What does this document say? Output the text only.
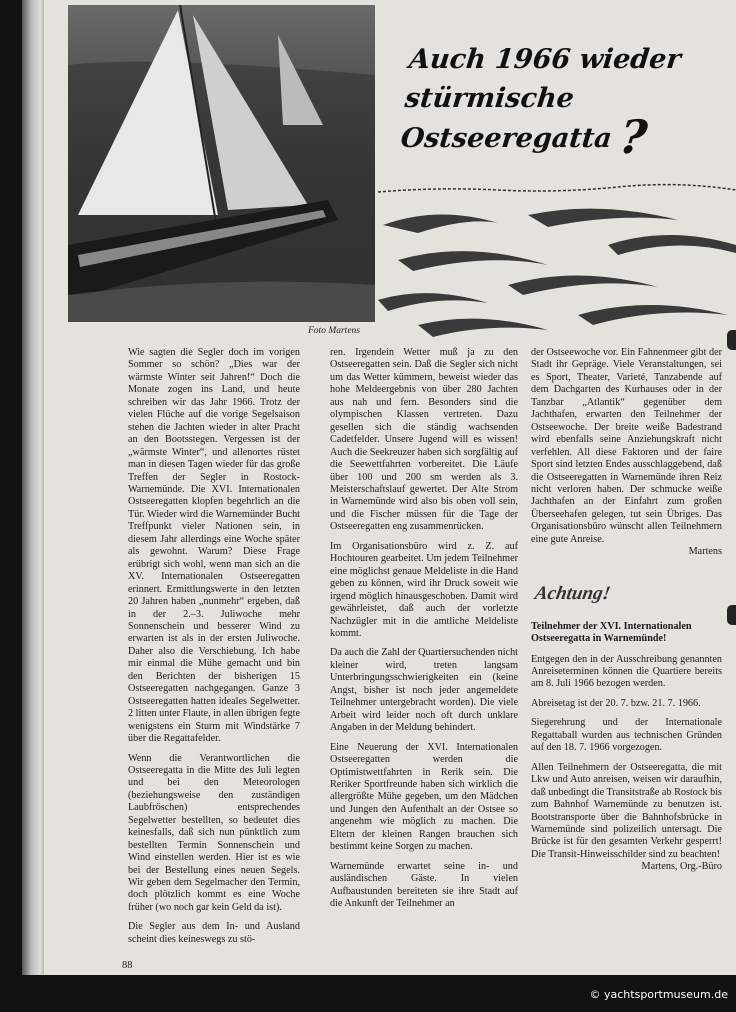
Foto Martens
Auch 1966 wieder
stürmische
Ostseeregatta?

Wie sagten die Segler doch im vorigen Sommer so schön? „Dies war der wärmste Winter seit Jahren!“ Doch die Monate zogen ins Land, und heute schreiben wir das Jahr 1966. Trotz der vielen Flüche auf die vorige Segelsaison stehen die Jachten wieder in alter Pracht an den Bootsstegen. Vergessen ist der „wärmste Winter“, und allenortes rüstet man in diesen Tagen wieder für das große Treffen der Segler in Rostock-Warnemünde. Die XVI. Internationalen Ostseeregatten klopfen begehrlich an die Tür. Wieder wird die Warnemünder Bucht Treffpunkt vieler Nationen sein, in diesem Jahr allerdings eine Woche später als gewohnt. Warum? Diese Frage erübrigt sich wohl, wenn man sich an die XV. Internationalen Ostseeregatten erinnert. Ermittlungswerte in den letzten 20 Jahren haben „nunmehr“ ergeben, daß in der 2.–3. Juliwoche mehr Sonnenschein und besserer Wind zu erwarten ist als in der ersten Juliwoche. Daher also die Verschiebung. Ich habe mir einmal die Mühe gemacht und bin den Berichten der bisherigen 15 Ostseeregatten nachgegangen. Ganze 3 Ostseeregatten hatten ideales Segelwetter. 2 litten unter Flaute, in allen übrigen fegte wenigstens ein Sturm mit Windstärke 7 über die Regattafelder.

Wenn die Verantwortlichen die Ostseeregatta in die Mitte des Juli legten und bei den Meteorologen (beziehungsweise den zuständigen Laubfröschen) entsprechendes Segelwetter bestellten, so bedeutet dies keinesfalls, daß sich nun pünktlich zum bestellten Termin Sonnenschein und Wind einstellen werden. Hier ist es wie bei der Bestellung eines neuen Segels. Wir geben dem Segelmacher den Termin, doch plötzlich kommt es eine Woche früher (wo noch gar kein Geld da ist).

Die Segler aus dem In- und Ausland scheint dies keineswegs zu stö-

88

ren. Irgendein Wetter muß ja zu den Ostseeregatten sein. Daß die Segler sich nicht um das Wetter kümmern, beweist wieder das hohe Meldeergebnis von über 280 Jachten aus nah und fern. Besonders sind die olympischen Klassen vertreten. Dazu gesellen sich die ständig wachsenden Cadetfelder. Unsere Jugend will es wissen! Auch die Seekreuzer haben sich sorgfältig auf die Seewettfahrten vorbereitet. Die Läufe über 100 und 200 sm werden als 3. Meisterschaftslauf gewertet. Der Alte Strom in Warnemünde wird also bis oben voll sein, und die Fischer müssen für die Tage der Ostseeregatten eng zusammenrücken.

Im Organisationsbüro wird z. Z. auf Hochtouren gearbeitet. Um jedem Teilnehmer eine möglichst genaue Meldeliste in die Hand geben zu können, wird ihr Druck soweit wie irgend möglich hinausgeschoben. Damit wird gewährleistet, daß auch der vorletzte Nachzügler mit in die amtliche Meldeliste kommt.

Da auch die Zahl der Quartiersuchenden nicht kleiner wird, treten langsam Unterbringungsschwierigkeiten ein (keine Angst, bisher ist noch jeder angemeldete Teilnehmer untergebracht worden). Die viele Arbeit wird leider noch oft durch unklare Angaben in der Meldung behindert.

Eine Neuerung der XVI. Internationalen Ostseeregatten werden die Optimistwettfahrten in Rerik sein. Die Reriker Sportfreunde haben sich wirklich die allergrößte Mühe gegeben, um den Mädchen und Jungen den Aufenthalt an der Ostsee so angenehm wie möglich zu machen. Die Eltern der kleinen Rangen brauchen sich bestimmt keine Sorgen zu machen.

Warnemünde erwartet seine in- und ausländischen Gäste. In vielen Aufbaustunden bereiteten sie ihre Stadt auf die Ankunft der Teilnehmer an

der Ostseewoche vor. Ein Fahnenmeer gibt der Stadt ihr Gepräge. Viele Veranstaltungen, sei es Sport, Theater, Varieté, Tanzabende auf dem Dachgarten des Kurhauses oder in der Tanzbar „Atlantik“ gegenüber dem Jachthafen, erwarten den Teilnehmer der Ostseewoche. Der breite weiße Badestrand wird ebenfalls seine Anziehungskraft nicht verfehlen. All diese Faktoren und der faire Sport sind letzten Endes ausschlaggebend, daß die Ostseeregatten in Warnemünde ihren Reiz nicht verloren haben. Der schmucke weiße Jachthafen an der Einfahrt zum großen Überseehafen gelegen, tut sein Übriges. Das Organisationsbüro wünscht allen Teilnehmern eine gute Anreise.

Martens
Achtung!
Teilnehmer der XVI. Internationalen Ostseeregatta in Warnemünde!

Entgegen den in der Ausschreibung genannten Anreiseterminen können die Quartiere bereits am 8. Juli 1966 bezogen werden.

Abreisetag ist der 20. 7. bzw. 21. 7. 1966.

Siegerehrung und der Internationale Regattaball wurden aus technischen Gründen auf den 18. 7. 1966 vorgezogen.

Allen Teilnehmern der Ostseeregatta, die mit Lkw und Auto anreisen, weisen wir daraufhin, daß unbedingt die Transitstraße ab Rostock bis zum Bahnhof Warnemünde zu benutzen ist. Bootstransporte über die Bahnhofsbrücke in Warnemünde sind polizeilich untersagt. Die Brücke ist für den gesamten Verkehr gesperrt! Die Transit-Hinweisschilder sind zu beachten!

Martens, Org.-Büro
© yachtsportmuseum.de
